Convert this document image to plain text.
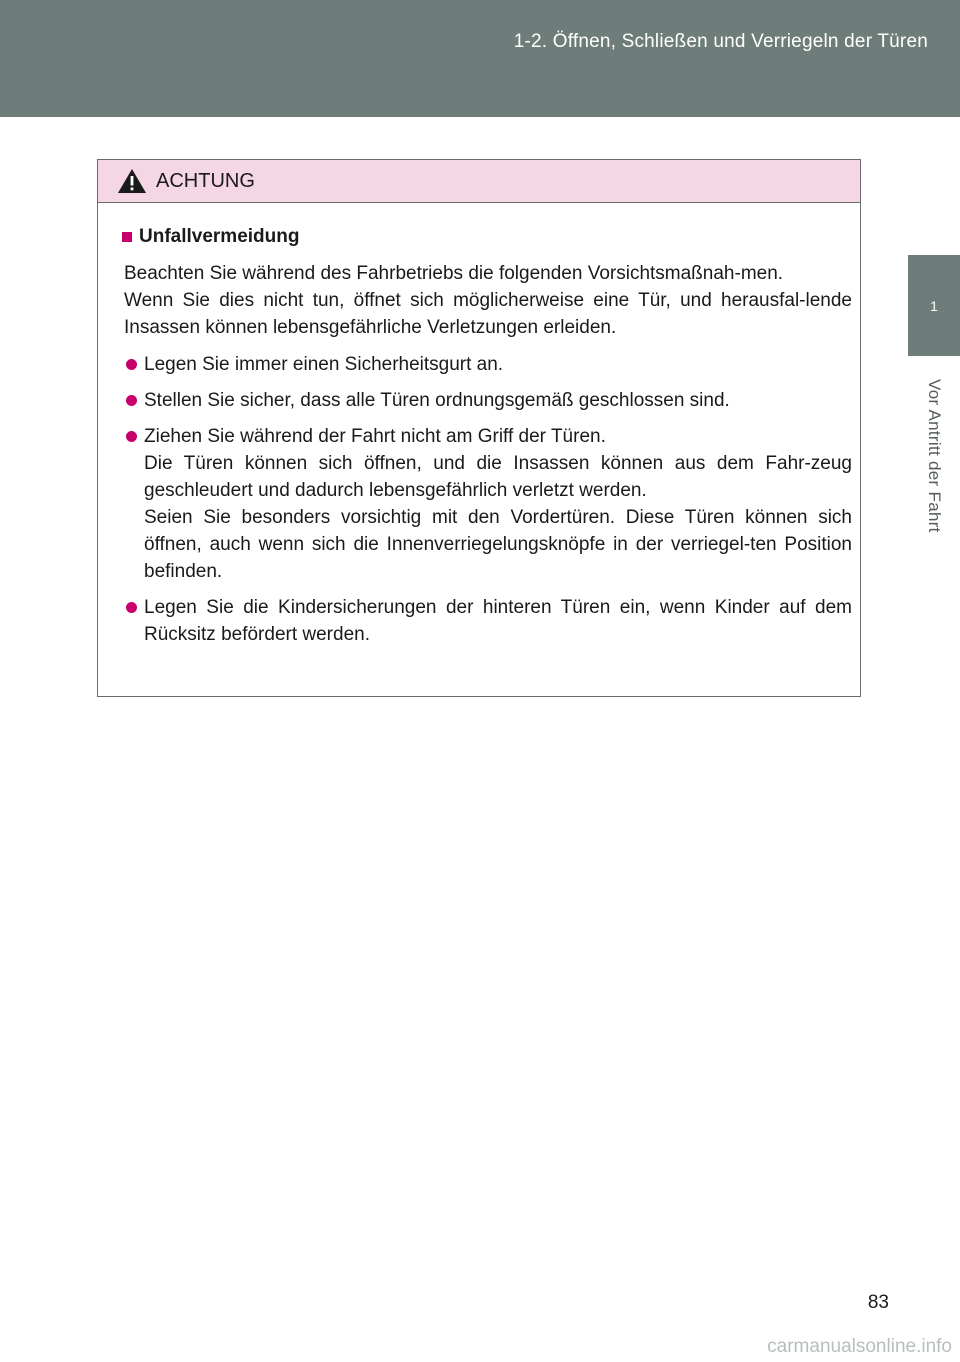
1-2. Öffnen, Schließen und Verriegeln der Türen
1
Vor Antritt der Fahrt
ACHTUNG
Unfallvermeidung

Beachten Sie während des Fahrbetriebs die folgenden Vorsichtsmaßnah-men.

Wenn Sie dies nicht tun, öffnet sich möglicherweise eine Tür, und herausfal-lende Insassen können lebensgefährliche Verletzungen erleiden.

Legen Sie immer einen Sicherheitsgurt an.

Stellen Sie sicher, dass alle Türen ordnungsgemäß geschlossen sind.

Ziehen Sie während der Fahrt nicht am Griff der Türen.

Die Türen können sich öffnen, und die Insassen können aus dem Fahr-zeug geschleudert und dadurch lebensgefährlich verletzt werden.

Seien Sie besonders vorsichtig mit den Vordertüren. Diese Türen können sich öffnen, auch wenn sich die Innenverriegelungsknöpfe in der verriegel-ten Position befinden.

Legen Sie die Kindersicherungen der hinteren Türen ein, wenn Kinder auf dem Rücksitz befördert werden.

83
carmanualsonline.info
